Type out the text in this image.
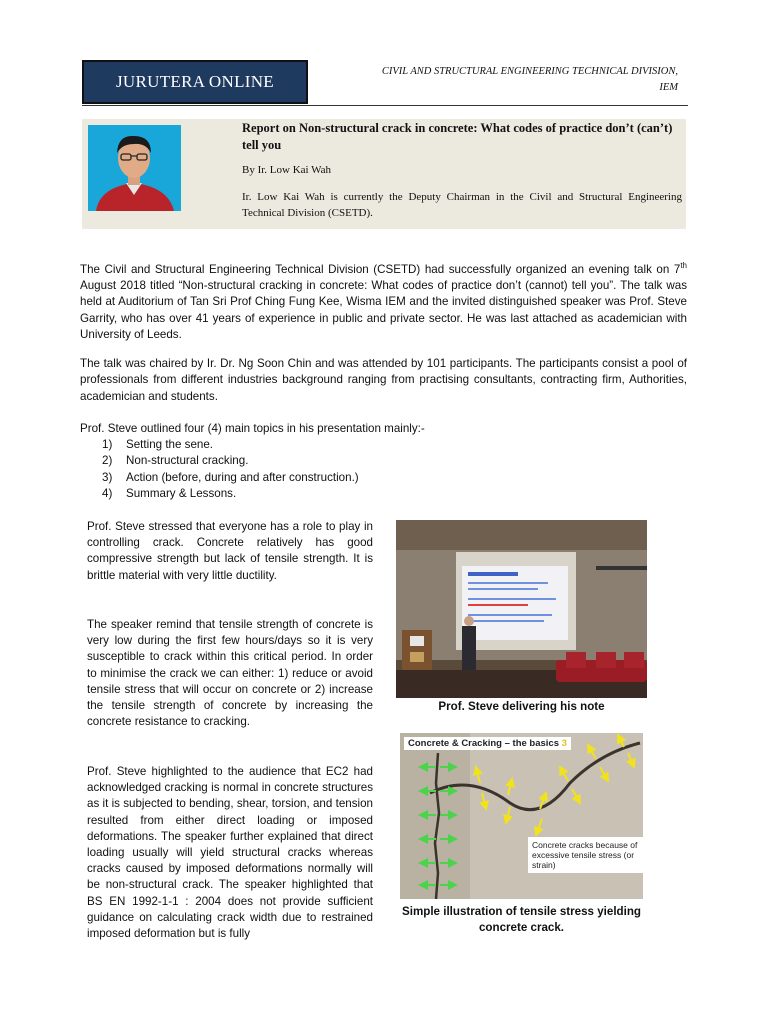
JURUTERA ONLINE
CIVIL AND STRUCTURAL ENGINEERING TECHNICAL DIVISION,
IEM
Report on Non-structural crack in concrete: What codes of practice don’t (can’t) tell you
By Ir. Low Kai Wah
Ir. Low Kai Wah is currently the Deputy Chairman in the Civil and Structural Engineering Technical Division (CSETD).

The Civil and Structural Engineering Technical Division (CSETD) had successfully organized an evening talk on 7th August 2018 titled “Non-structural cracking in concrete: What codes of practice don’t (cannot) tell you”. The talk was held at Auditorium of Tan Sri Prof Ching Fung Kee, Wisma IEM and the invited distinguished speaker was Prof. Steve Garrity, who has over 41 years of experience in public and private sector. He was last attached as academician with University of Leeds.

The talk was chaired by Ir. Dr. Ng Soon Chin and was attended by 101 participants. The participants consist a pool of professionals from different industries background ranging from practising consultants, contracting firm, Authorities, academician and students.

Prof. Steve outlined four (4) main topics in his presentation mainly:-

1)	Setting the sene.
2)	Non-structural cracking.
3)	Action (before, during and after construction.)
4)	Summary & Lessons.

Prof. Steve stressed that everyone has a role to play in controlling crack. Concrete relatively has good compressive strength but lack of tensile strength. It is brittle material with very little ductility.

The speaker remind that tensile strength of concrete is very low during the first few hours/days so it is very susceptible to crack within this critical period. In order to minimise the crack we can either: 1) reduce or avoid tensile stress that will occur on concrete or 2) increase the tensile strength of concrete by increasing the concrete resistance to cracking.

Prof. Steve highlighted to the audience that EC2 had acknowledged cracking is normal in concrete structures as it is subjected to bending, shear, torsion, and tension resulted from either direct loading or imposed deformations. The speaker further explained that direct loading usually will yield structural cracks whereas cracks caused by imposed deformations normally will be non-structural crack. The speaker highlighted that BS EN 1992-1-1 : 2004 does not provide sufficient guidance on calculating crack width due to restrained imposed deformation but is fully

Prof. Steve delivering his note
Concrete & Cracking – the basics 3
Concrete cracks because of excessive tensile stress (or strain)
Simple illustration of tensile stress yielding concrete crack.
